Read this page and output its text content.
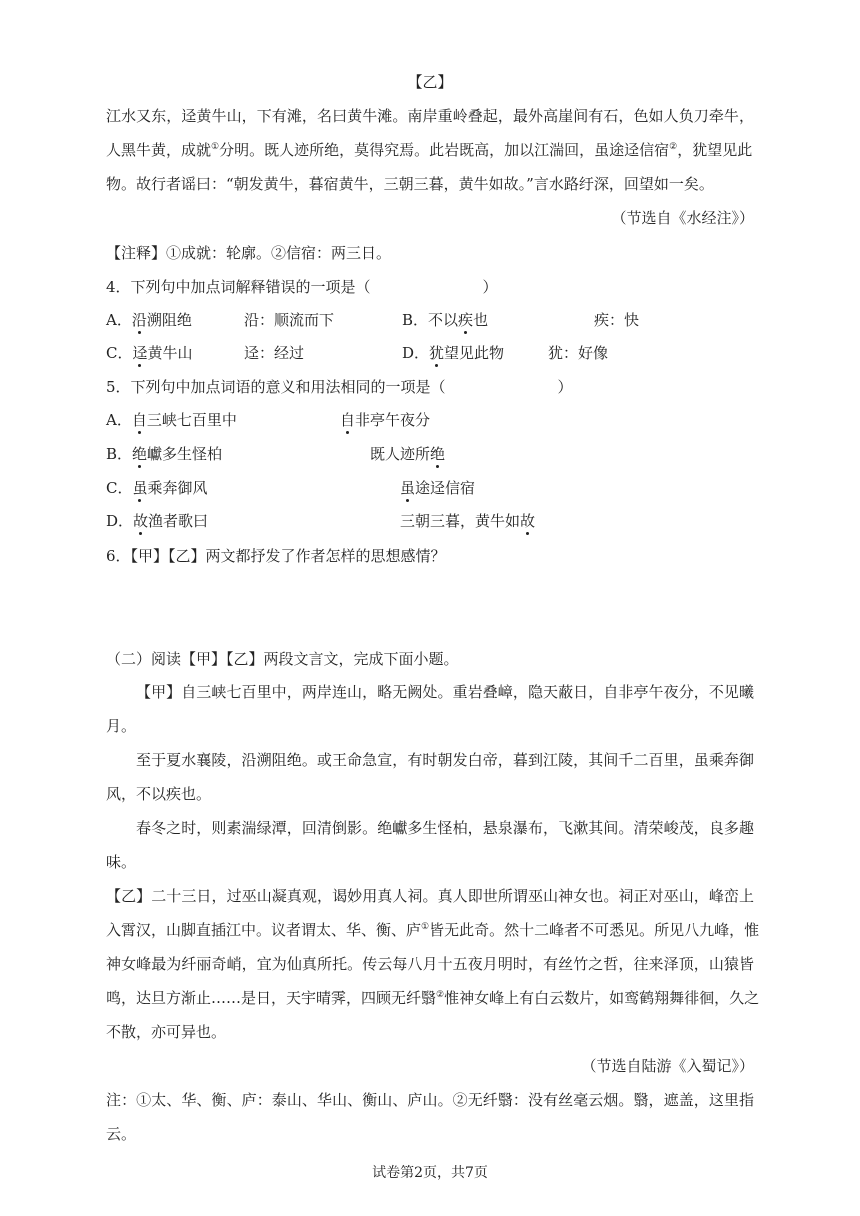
【乙】
江水又东，迳黄牛山，下有滩，名曰黄牛滩。南岸重岭叠起，最外高崖间有石，色如人负刀牵牛，
人黑牛黄，成就①分明。既人迹所绝，莫得究焉。此岩既高，加以江湍回，虽途迳信宿②，犹望见此
物。故行者谣曰：“朝发黄牛，暮宿黄牛，三朝三暮，黄牛如故。”言水路纡深，回望如一矣。
（节选自《水经注》）
【注释】①成就：轮廓。②信宿：两三日。
4．下列句中加点词解释错误的一项是（	）
A．沿溯阻绝	沿：顺流而下	B．不以疾也	疾：快
C．迳黄牛山	迳：经过	D．犹望见此物	犹：好像
5．下列句中加点词语的意义和用法相同的一项是（	）
A．自三峡七百里中	自非亭午夜分
B．绝巘多生怪柏	既人迹所绝
C．虽乘奔御风	虽途迳信宿
D．故渔者歌曰	三朝三暮，黄牛如故
6．【甲】【乙】两文都抒发了作者怎样的思想感情？
（二）阅读【甲】【乙】两段文言文，完成下面小题。
【甲】自三峡七百里中，两岸连山，略无阙处。重岩叠嶂，隐天蔽日，自非亭午夜分，不见曦
月。
至于夏水襄陵，沿溯阻绝。或王命急宣，有时朝发白帝，暮到江陵，其间千二百里，虽乘奔御
风，不以疾也。
春冬之时，则素湍绿潭，回清倒影。绝巘多生怪柏，悬泉瀑布，飞漱其间。清荣峻茂，良多趣
味。
【乙】二十三日，过巫山凝真观，谒妙用真人祠。真人即世所谓巫山神女也。祠正对巫山，峰峦上
入霄汉，山脚直插江中。议者谓太、华、衡、庐①皆无此奇。然十二峰者不可悉见。所见八九峰，惟
神女峰最为纤丽奇峭，宜为仙真所托。传云每八月十五夜月明时，有丝竹之哲，往来泽顶，山猿皆
鸣，达旦方渐止……是日，天宇晴霁，四顾无纤翳②惟神女峰上有白云数片，如鸾鹤翔舞徘徊，久之
不散，亦可异也。
（节选自陆游《入蜀记》）
注：①太、华、衡、庐：泰山、华山、衡山、庐山。②无纤翳：没有丝毫云烟。翳，遮盖，这里指
云。
试卷第2页，共7页
